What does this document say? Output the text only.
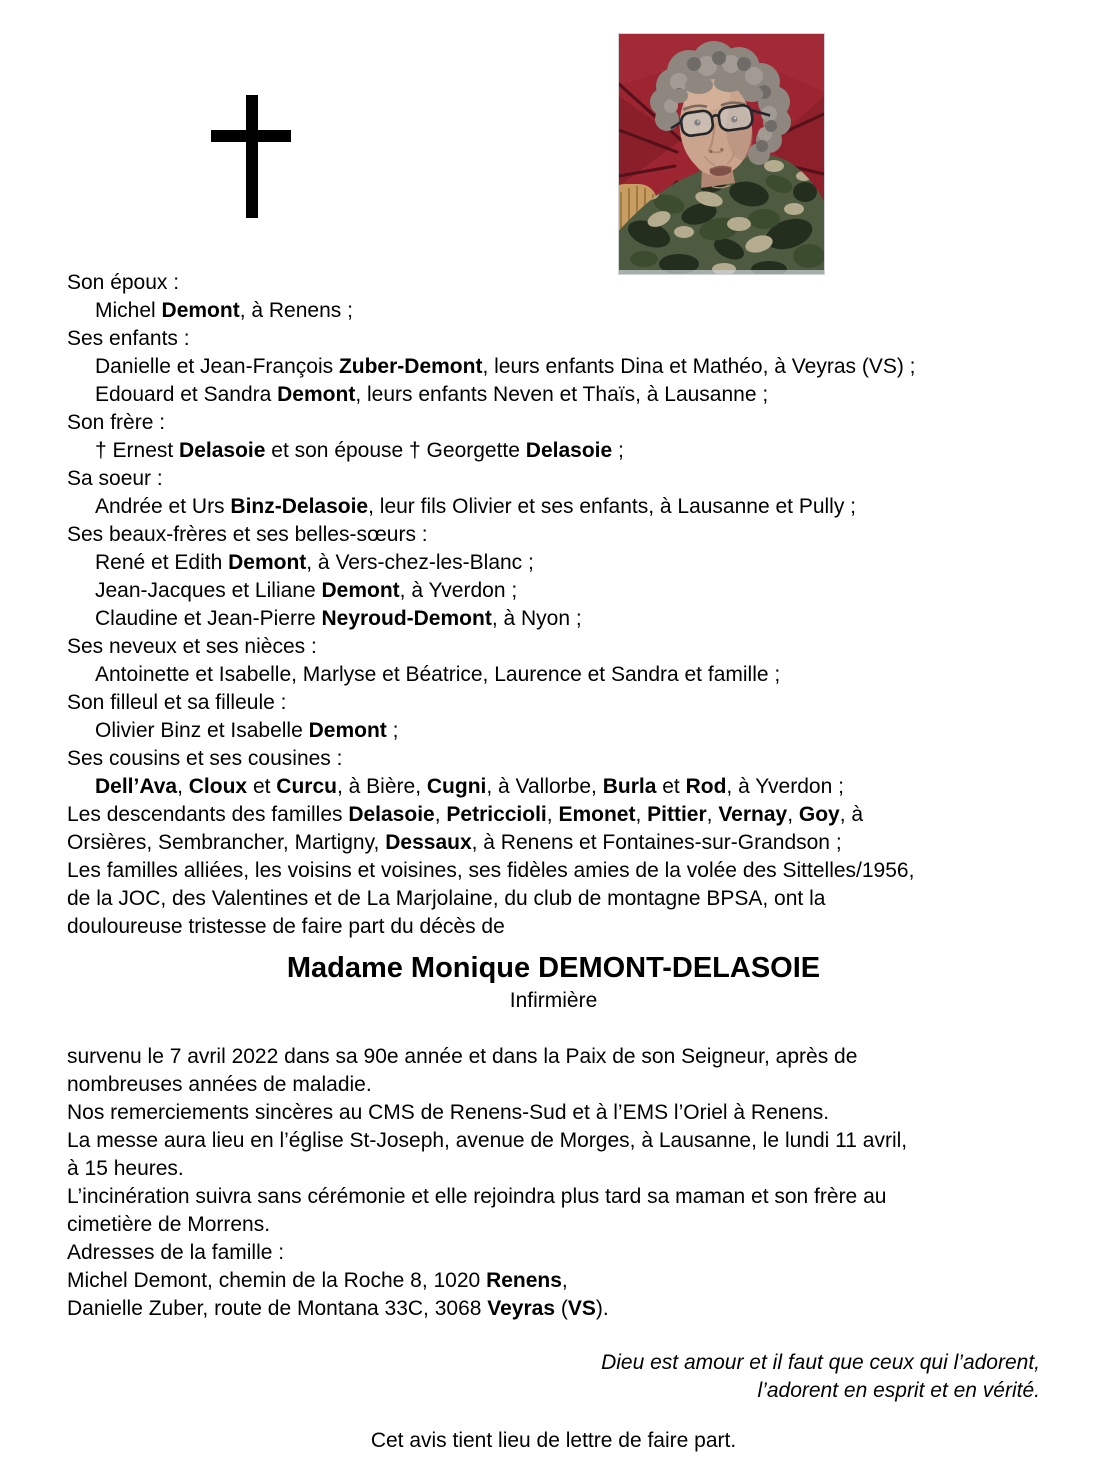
Son époux :
Michel Demont, à Renens ;
Ses enfants :
Danielle et Jean-François Zuber-Demont, leurs enfants Dina et Mathéo, à Veyras (VS) ;
Edouard et Sandra Demont, leurs enfants Neven et Thaïs, à Lausanne ;
Son frère :
† Ernest Delasoie et son épouse † Georgette Delasoie ;
Sa soeur :
Andrée et Urs Binz-Delasoie, leur fils Olivier et ses enfants, à Lausanne et Pully ;
Ses beaux-frères et ses belles-sœurs :
René et Edith Demont, à Vers-chez-les-Blanc ;
Jean-Jacques et Liliane Demont, à Yverdon ;
Claudine et Jean-Pierre Neyroud-Demont, à Nyon ;
Ses neveux et ses nièces :
Antoinette et Isabelle, Marlyse et Béatrice, Laurence et Sandra et famille ;
Son filleul et sa filleule :
Olivier Binz et Isabelle Demont ;
Ses cousins et ses cousines :
Dell’Ava, Cloux et Curcu, à Bière, Cugni, à Vallorbe, Burla et Rod, à Yverdon ;
Les descendants des familles Delasoie, Petriccioli, Emonet, Pittier, Vernay, Goy, à
Orsières, Sembrancher, Martigny, Dessaux, à Renens et Fontaines-sur-Grandson ;
Les familles alliées, les voisins et voisines, ses fidèles amies de la volée des Sittelles/1956,
de la JOC, des Valentines et de La Marjolaine, du club de montagne BPSA, ont la
douloureuse tristesse de faire part du décès de
Madame Monique DEMONT-DELASOIE
Infirmière
survenu le 7 avril 2022 dans sa 90e année et dans la Paix de son Seigneur, après de
nombreuses années de maladie.
Nos remerciements sincères au CMS de Renens-Sud et à l’EMS l’Oriel à Renens.
La messe aura lieu en l’église St-Joseph, avenue de Morges, à Lausanne, le lundi 11 avril,
à 15 heures.
L’incinération suivra sans cérémonie et elle rejoindra plus tard sa maman et son frère au
cimetière de Morrens.
Adresses de la famille :
Michel Demont, chemin de la Roche 8, 1020 Renens,
Danielle Zuber, route de Montana 33C, 3068 Veyras (VS).
Dieu est amour et il faut que ceux qui l’adorent,
l’adorent en esprit et en vérité.
Cet avis tient lieu de lettre de faire part.
